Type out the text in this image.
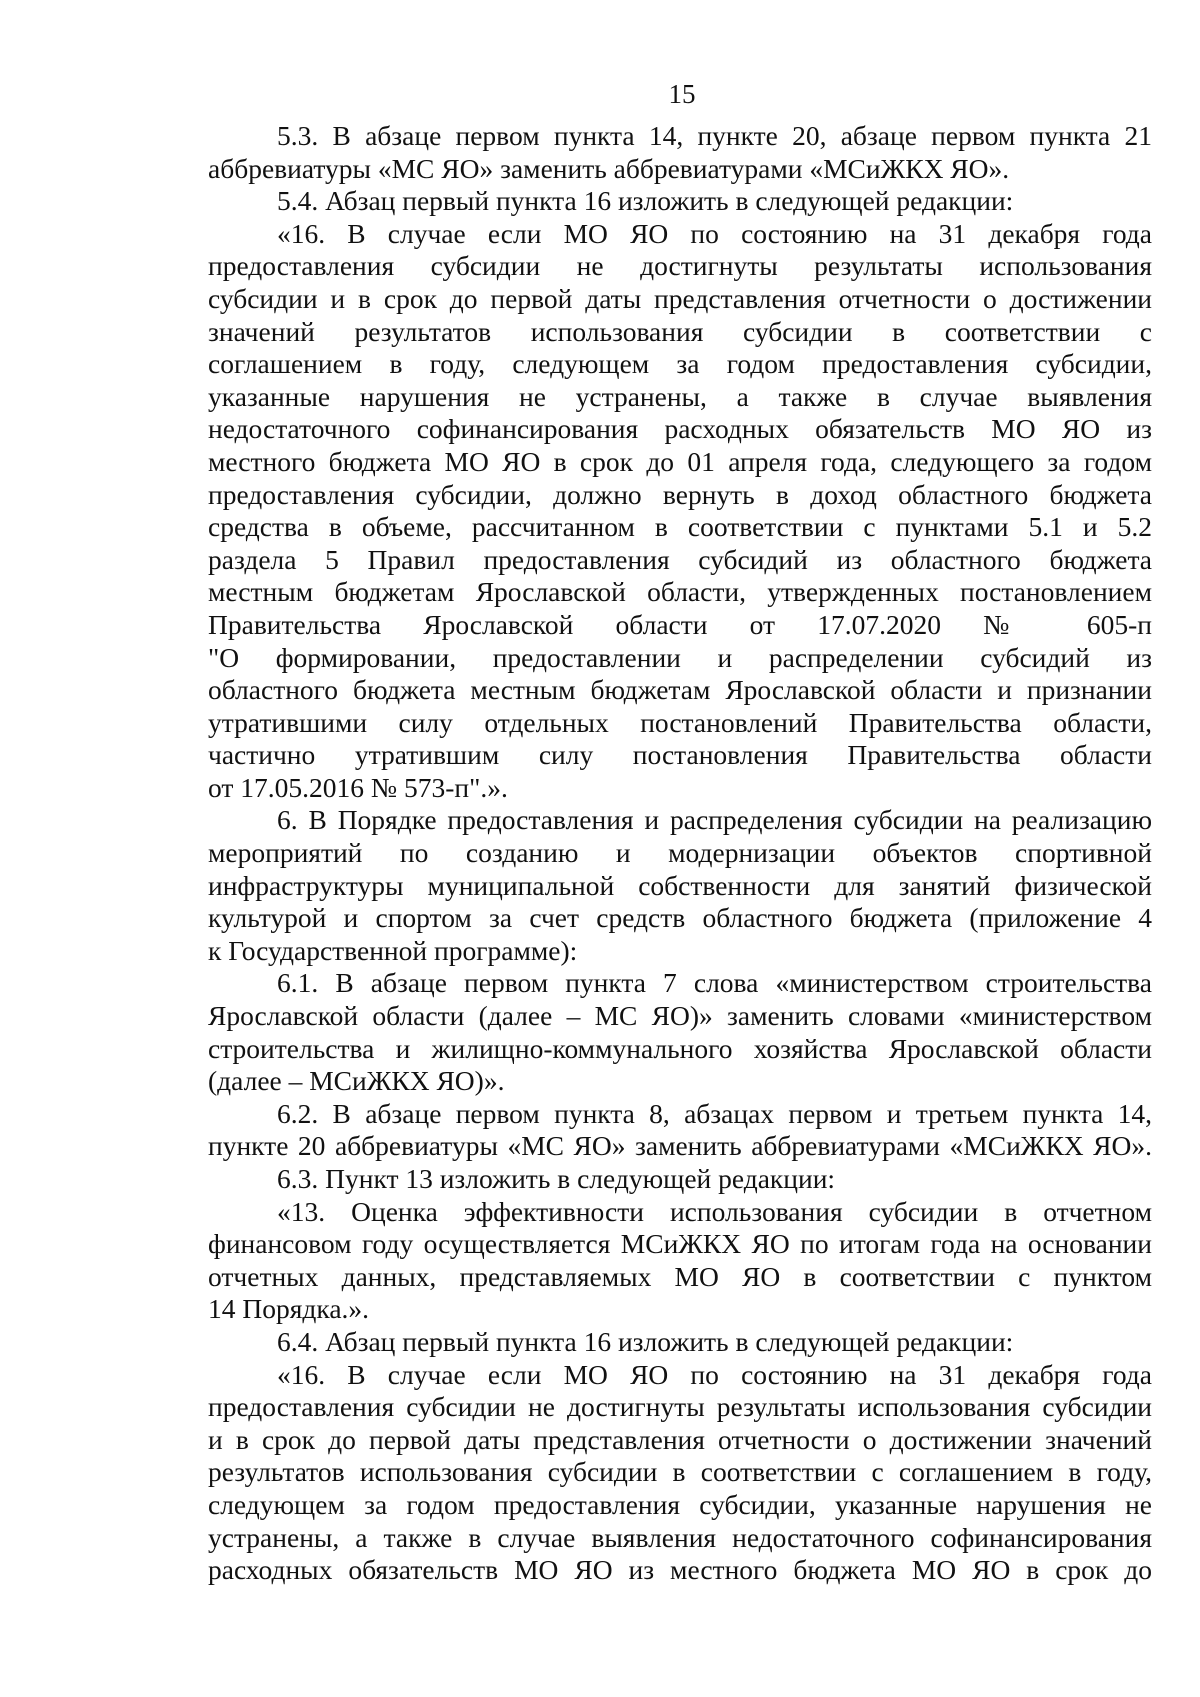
15
5.3. В абзаце первом пункта 14, пункте 20, абзаце первом пункта 21
аббревиатуры «МС ЯО» заменить аббревиатурами «МСиЖКХ ЯО».
5.4. Абзац первый пункта 16 изложить в следующей редакции:
«16. В случае если МО ЯО по состоянию на 31 декабря года
предоставления субсидии не достигнуты результаты использования
субсидии и в срок до первой даты представления отчетности о достижении
значений результатов использования субсидии в соответствии с
соглашением в году, следующем за годом предоставления субсидии,
указанные нарушения не устранены, а также в случае выявления
недостаточного софинансирования расходных обязательств МО ЯО из
местного бюджета МО ЯО в срок до 01 апреля года, следующего за годом
предоставления субсидии, должно вернуть в доход областного бюджета
средства в объеме, рассчитанном в соответствии с пунктами 5.1 и 5.2
раздела 5 Правил предоставления субсидий из областного бюджета
местным бюджетам Ярославской области, утвержденных постановлением
Правительства Ярославской области от 17.07.2020 № 605-п
"О формировании, предоставлении и распределении субсидий из
областного бюджета местным бюджетам Ярославской области и признании
утратившими силу отдельных постановлений Правительства области,
частично утратившим силу постановления Правительства области
от 17.05.2016 № 573-п".».
6. В Порядке предоставления и распределения субсидии на реализацию
мероприятий по созданию и модернизации объектов спортивной
инфраструктуры муниципальной собственности для занятий физической
культурой и спортом за счет средств областного бюджета (приложение 4
к Государственной программе):
6.1. В абзаце первом пункта 7 слова «министерством строительства
Ярославской области (далее – МС ЯО)» заменить словами «министерством
строительства и жилищно-коммунального хозяйства Ярославской области
(далее – МСиЖКХ ЯО)».
6.2. В абзаце первом пункта 8, абзацах первом и третьем пункта 14,
пункте 20 аббревиатуры «МС ЯО» заменить аббревиатурами «МСиЖКХ ЯО».
6.3. Пункт 13 изложить в следующей редакции:
«13. Оценка эффективности использования субсидии в отчетном
финансовом году осуществляется МСиЖКХ ЯО по итогам года на основании
отчетных данных, представляемых МО ЯО в соответствии с пунктом
14 Порядка.».
6.4. Абзац первый пункта 16 изложить в следующей редакции:
«16. В случае если МО ЯО по состоянию на 31 декабря года
предоставления субсидии не достигнуты результаты использования субсидии
и в срок до первой даты представления отчетности о достижении значений
результатов использования субсидии в соответствии с соглашением в году,
следующем за годом предоставления субсидии, указанные нарушения не
устранены, а также в случае выявления недостаточного софинансирования
расходных обязательств МО ЯО из местного бюджета МО ЯО в срок до
